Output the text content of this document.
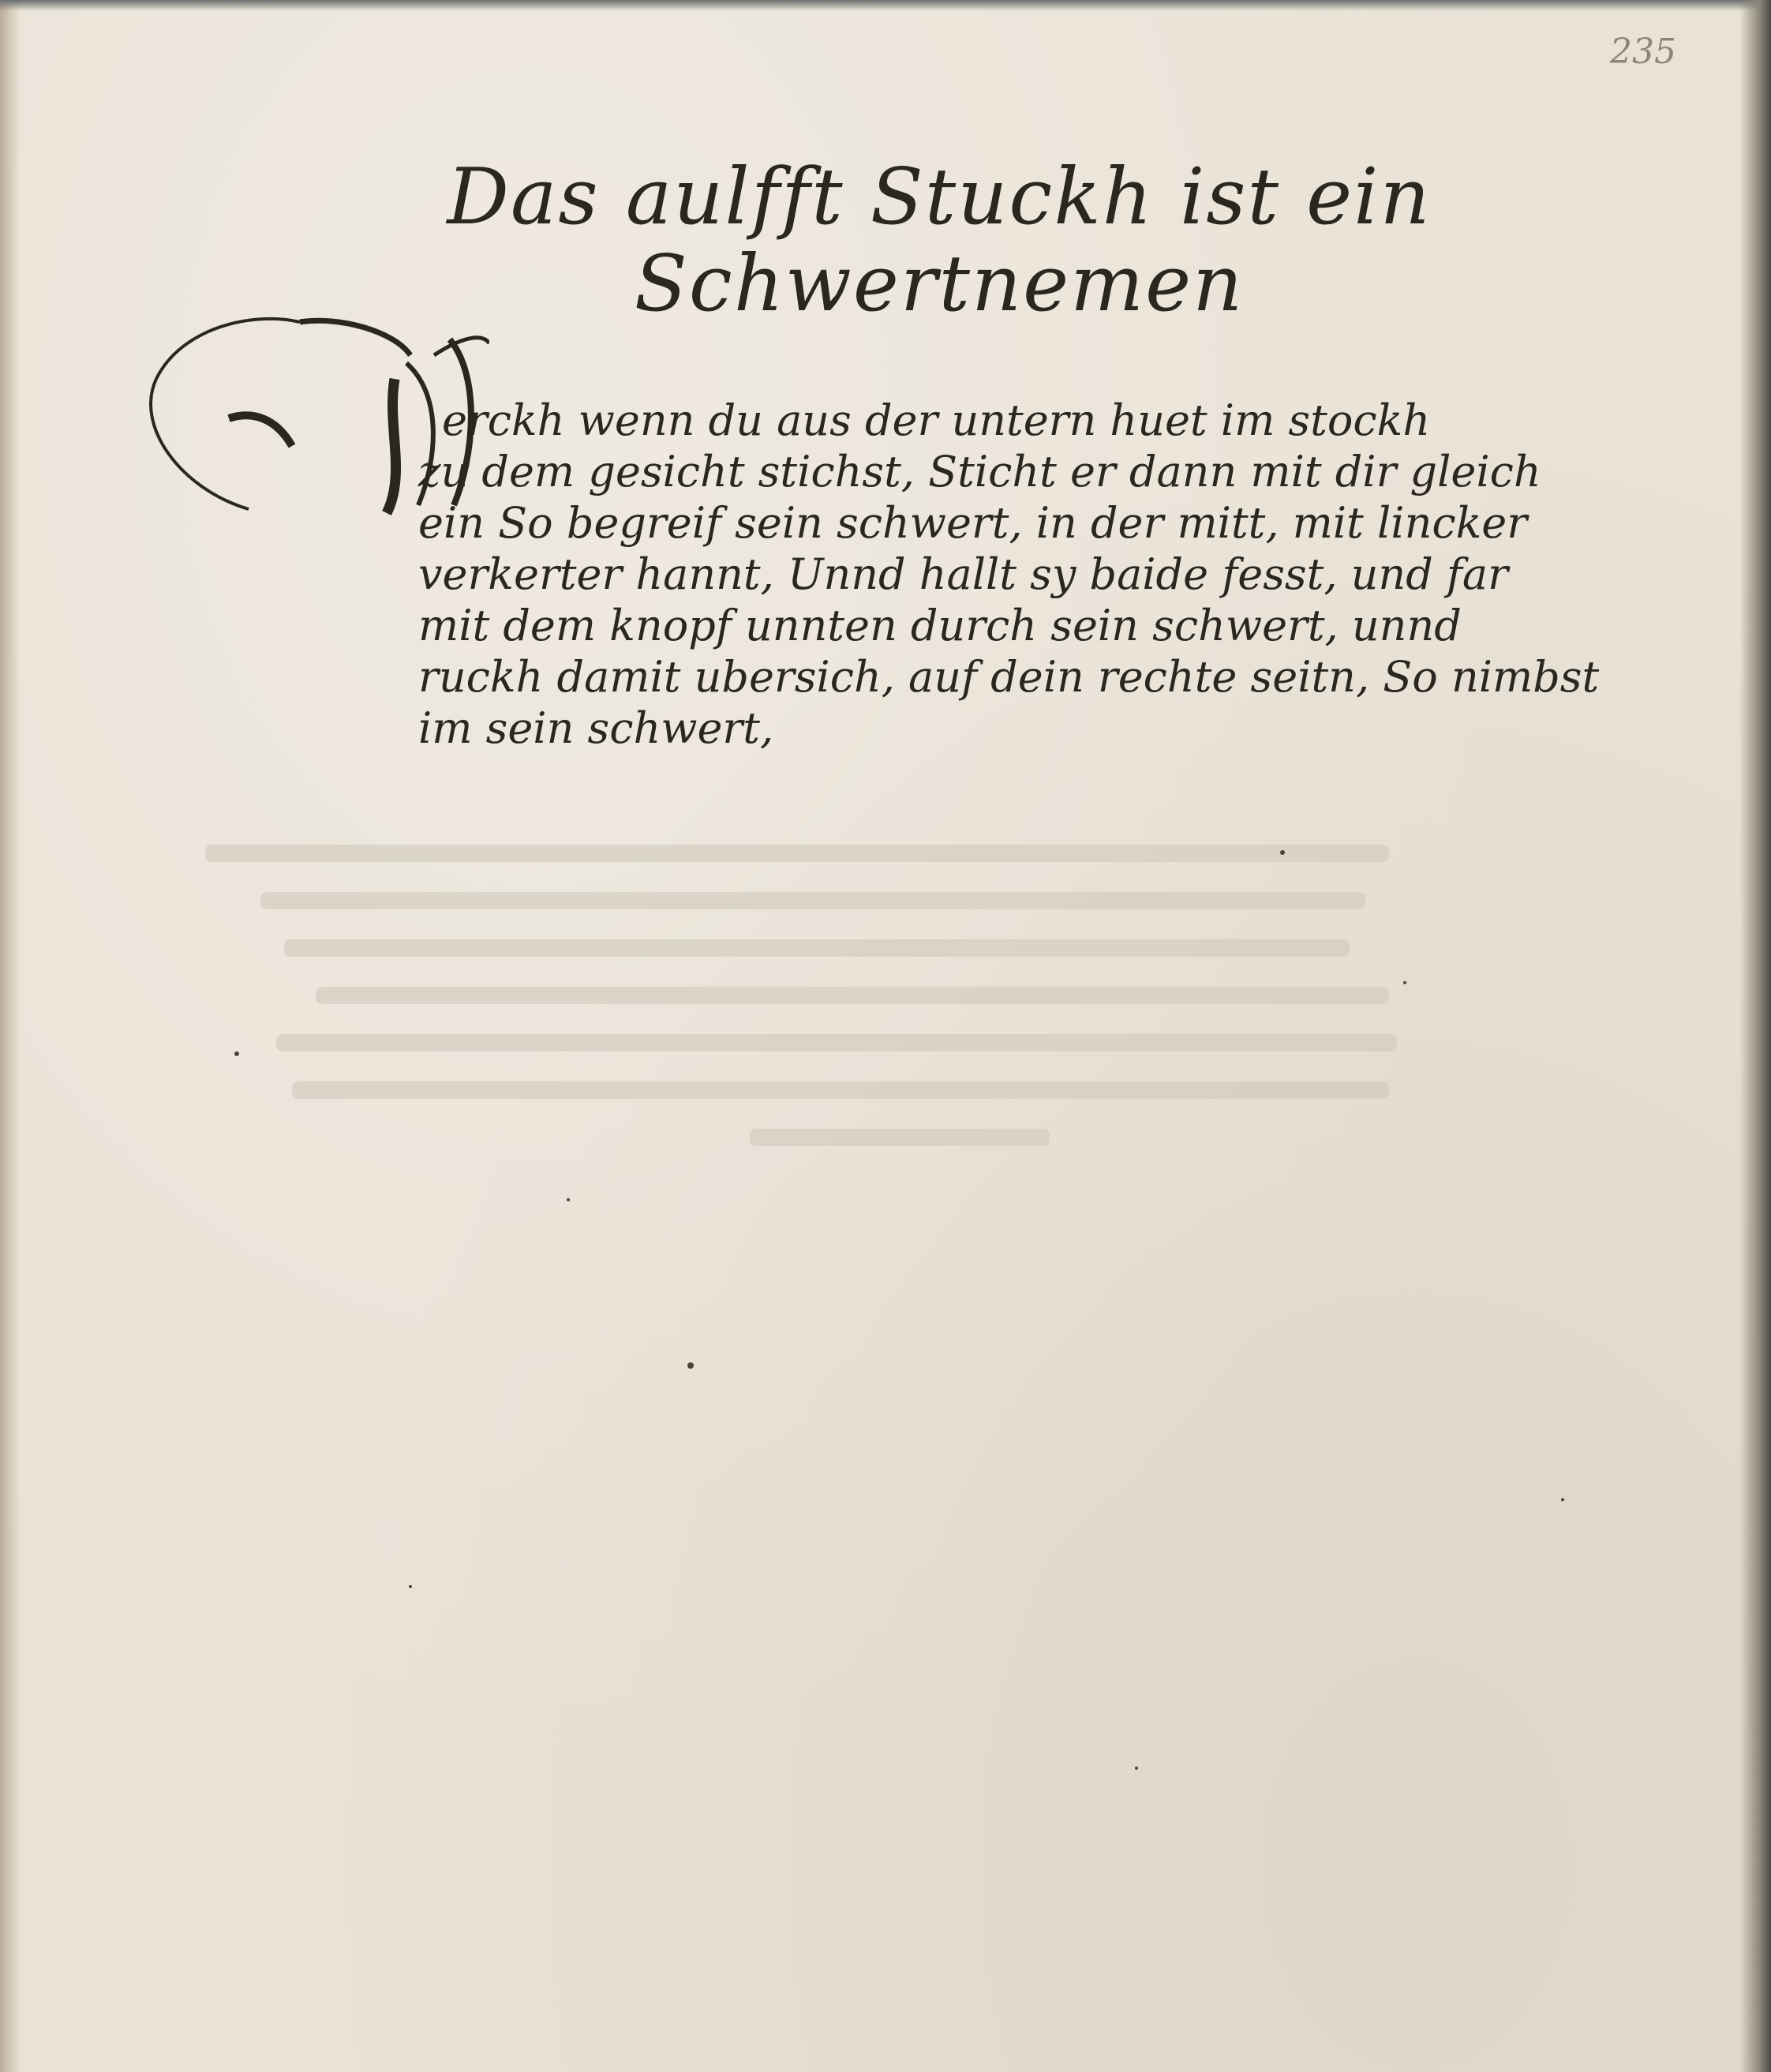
235

Das aulfft Stuckh ist ein
Schwertnemen
erckh wenn du aus der untern huet im stockh
zu dem gesicht stichst, Sticht er dann mit dir gleich
ein So begreif sein schwert, in der mitt, mit lincker
verkerter hannt, Unnd hallt sy baide fesst, und far
mit dem knopf unnten durch sein schwert, unnd
ruckh damit ubersich, auf dein rechte seitn, So nimbst
im sein schwert,
